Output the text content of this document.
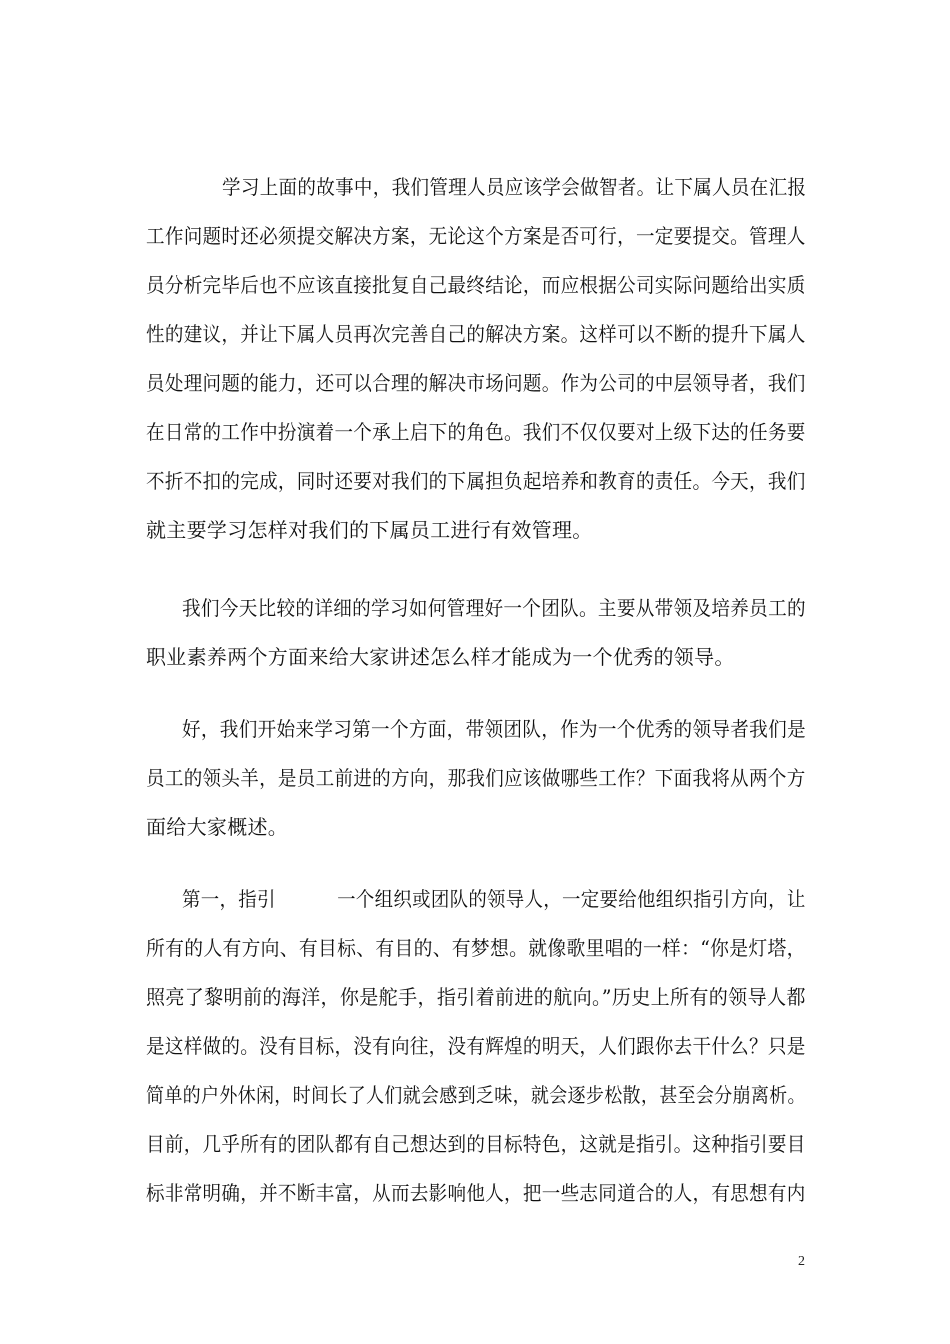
学习上面的故事中，我们管理人员应该学会做智者。让下属人员在汇报
工作问题时还必须提交解决方案，无论这个方案是否可行，一定要提交。管理人
员分析完毕后也不应该直接批复自己最终结论，而应根据公司实际问题给出实质
性的建议，并让下属人员再次完善自己的解决方案。这样可以不断的提升下属人
员处理问题的能力，还可以合理的解决市场问题。作为公司的中层领导者，我们
在日常的工作中扮演着一个承上启下的角色。我们不仅仅要对上级下达的任务要
不折不扣的完成，同时还要对我们的下属担负起培养和教育的责任。今天，我们
就主要学习怎样对我们的下属员工进行有效管理。
我们今天比较的详细的学习如何管理好一个团队。主要从带领及培养员工的
职业素养两个方面来给大家讲述怎么样才能成为一个优秀的领导。
好，我们开始来学习第一个方面，带领团队，作为一个优秀的领导者我们是
员工的领头羊，是员工前进的方向，那我们应该做哪些工作？下面我将从两个方
面给大家概述。
第一，指引          一个组织或团队的领导人，一定要给他组织指引方向，让
所有的人有方向、有目标、有目的、有梦想。就像歌里唱的一样：“你是灯塔，
照亮了黎明前的海洋，你是舵手，指引着前进的航向。”历史上所有的领导人都
是这样做的。没有目标，没有向往，没有辉煌的明天，人们跟你去干什么？只是
简单的户外休闲，时间长了人们就会感到乏味，就会逐步松散，甚至会分崩离析。
目前，几乎所有的团队都有自己想达到的目标特色，这就是指引。这种指引要目
标非常明确，并不断丰富，从而去影响他人，把一些志同道合的人，有思想有内
2
